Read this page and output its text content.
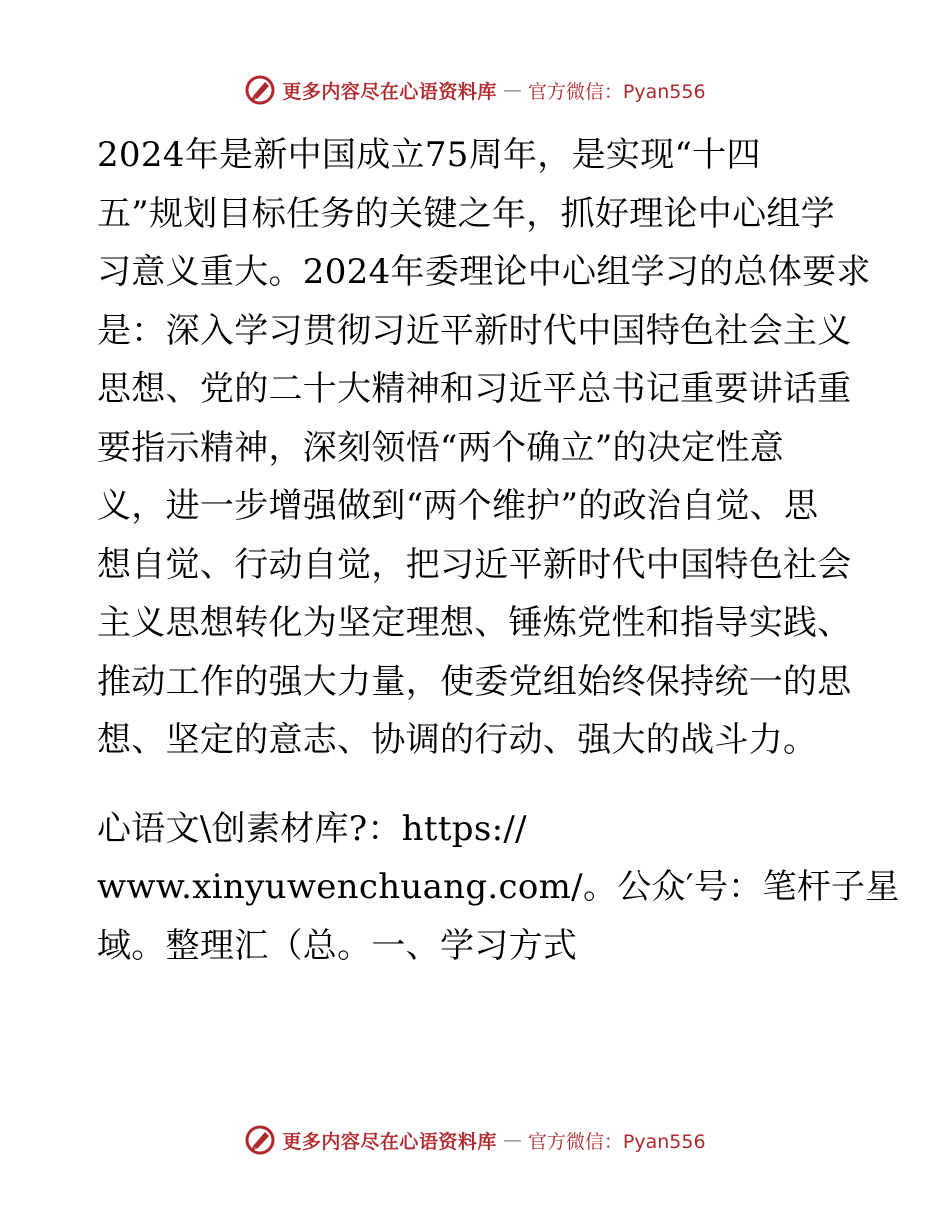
更多内容尽在心语资料库 — 官方微信：Pyan556

2024年是新中国成立75周年，是实现“十四
五”规划目标任务的关键之年，抓好理论中心组学
习意义重大。2024年委理论中心组学习的总体要求
是：深入学习贯彻习近平新时代中国特色社会主义
思想、党的二十大精神和习近平总书记重要讲话重
要指示精神，深刻领悟“两个确立”的决定性意
义，进一步增强做到“两个维护”的政治自觉、思
想自觉、行动自觉，把习近平新时代中国特色社会
主义思想转化为坚定理想、锤炼党性和指导实践、
推动工作的强大力量，使委党组始终保持统一的思
想、坚定的意志、协调的行动、强大的战斗力。

心语文\创素材库?：https://
www.xinyuwenchuang.com/。公众′号：笔杆子星
域。整理汇（总。一、学习方式

更多内容尽在心语资料库 — 官方微信：Pyan556
